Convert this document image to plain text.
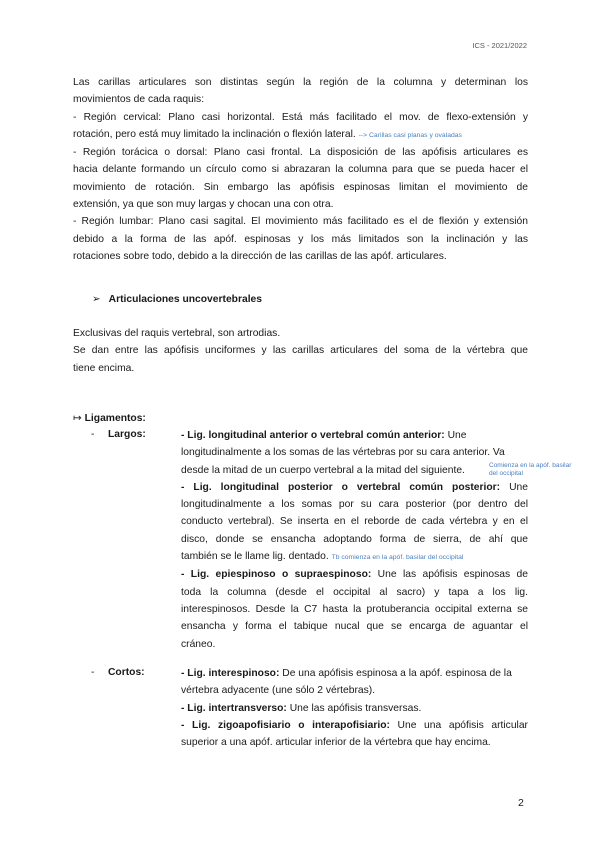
ICS - 2021/2022
Las carillas articulares son distintas según la región de la columna y determinan los
movimientos de cada raquis:
- Región cervical: Plano casi horizontal. Está más facilitado el mov. de flexo-extensión y
rotación, pero está muy limitado la inclinación o flexión lateral. --> Carillas casi planas y ovaladas
- Región torácica o dorsal: Plano casi frontal. La disposición de las apófisis articulares es
hacia delante formando un círculo como si abrazaran la columna para que se pueda hacer el
movimiento de rotación. Sin embargo las apófisis espinosas limitan el movimiento de
extensión, ya que son muy largas y chocan una con otra.
- Región lumbar: Plano casi sagital. El movimiento más facilitado es el de flexión y extensión
debido a la forma de las apóf. espinosas y los más limitados son la inclinación y las
rotaciones sobre todo, debido a la dirección de las carillas de las apóf. articulares.
➢ Articulaciones uncovertebrales
Exclusivas del raquis vertebral, son artrodias.
Se dan entre las apófisis unciformes y las carillas articulares del soma de la vértebra que
tiene encima.
↦ Ligamentos:
- Largos:	- Lig. longitudinal anterior o vertebral común anterior: Une
longitudinalmente a los somas de las vértebras por su cara anterior. Va
desde la mitad de un cuerpo vertebral a la mitad del siguiente.
- Lig. longitudinal posterior o vertebral común posterior: Une
longitudinalmente a los somas por su cara posterior (por dentro del
conducto vertebral). Se inserta en el reborde de cada vértebra y en el
disco, donde se ensancha adoptando forma de sierra, de ahí que
también se le llame lig. dentado. Tb comienza en la apóf. basilar del occipital
- Lig. epiespinoso o supraespinoso: Une las apófisis espinosas de
toda la columna (desde el occipital al sacro) y tapa a los lig.
interespinosos. Desde la C7 hasta la protuberancia occipital externa se
ensancha y forma el tabique nucal que se encarga de aguantar el
cráneo.
Comienza en la apóf. basilar del occipital
- Cortos:	- Lig. interespinoso: De una apófisis espinosa a la apóf. espinosa de la
vértebra adyacente (une sólo 2 vértebras).
- Lig. intertransverso: Une las apófisis transversas.
- Lig. zigoapofisiario o interapofisiario: Une una apófisis articular
superior a una apóf. articular inferior de la vértebra que hay encima.
2
